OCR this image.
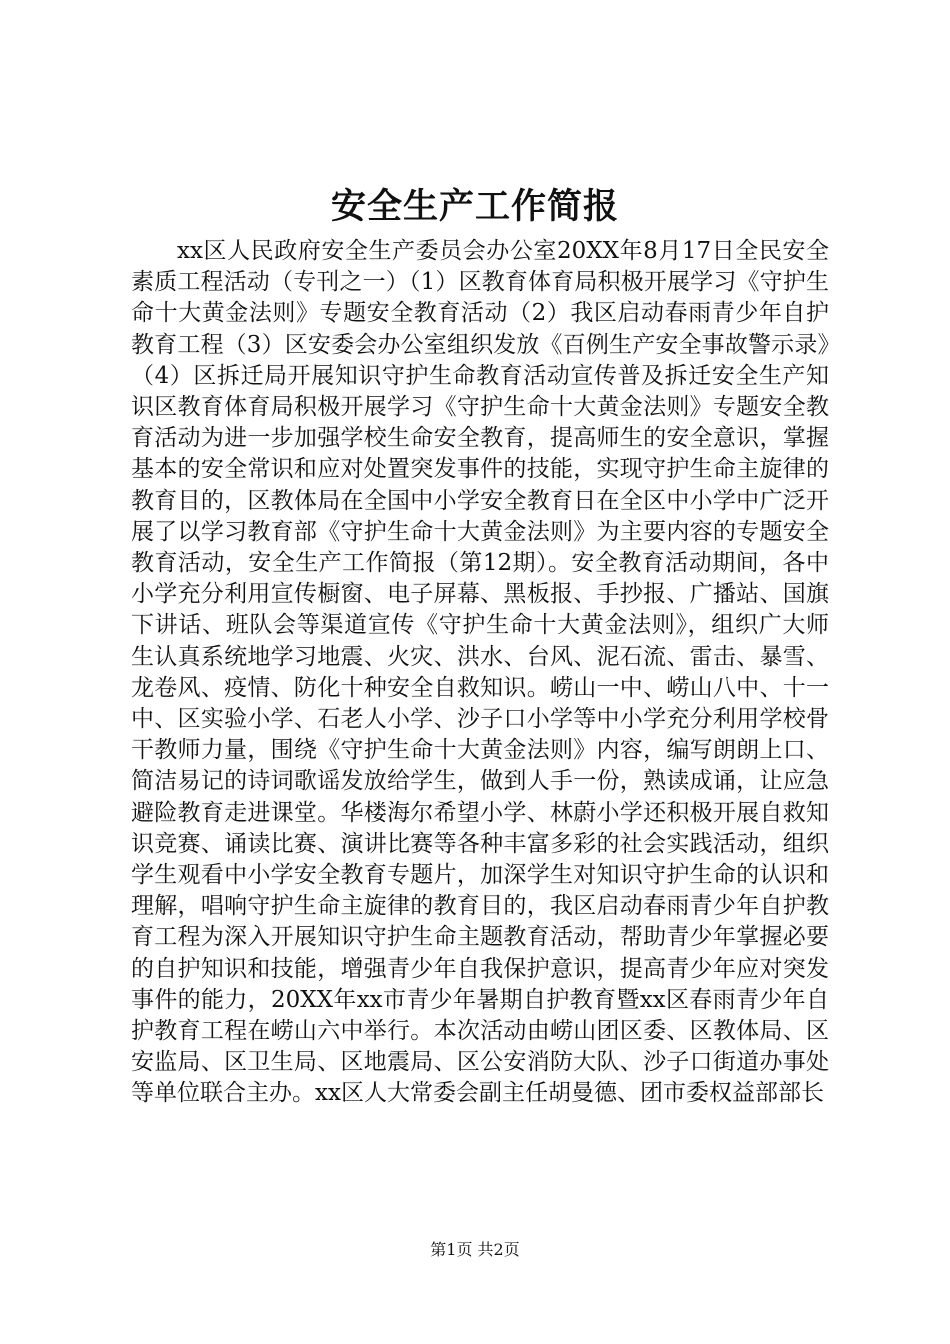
安全生产工作简报

xx区人民政府安全生产委员会办公室20XX年8月17日全民安全素质工程活动（专刊之一）（1）区教育体育局积极开展学习《守护生命十大黄金法则》专题安全教育活动（2）我区启动春雨青少年自护教育工程（3）区安委会办公室组织发放《百例生产安全事故警示录》（4）区拆迁局开展知识守护生命教育活动宣传普及拆迁安全生产知识区教育体育局积极开展学习《守护生命十大黄金法则》专题安全教育活动为进一步加强学校生命安全教育，提高师生的安全意识，掌握基本的安全常识和应对处置突发事件的技能，实现守护生命主旋律的教育目的，区教体局在全国中小学安全教育日在全区中小学中广泛开展了以学习教育部《守护生命十大黄金法则》为主要内容的专题安全教育活动，安全生产工作简报（第12期）。安全教育活动期间，各中小学充分利用宣传橱窗、电子屏幕、黑板报、手抄报、广播站、国旗下讲话、班队会等渠道宣传《守护生命十大黄金法则》，组织广大师生认真系统地学习地震、火灾、洪水、台风、泥石流、雷击、暴雪、龙卷风、疫情、防化十种安全自救知识。崂山一中、崂山八中、十一中、区实验小学、石老人小学、沙子口小学等中小学充分利用学校骨干教师力量，围绕《守护生命十大黄金法则》内容，编写朗朗上口、简洁易记的诗词歌谣发放给学生，做到人手一份，熟读成诵，让应急避险教育走进课堂。华楼海尔希望小学、林蔚小学还积极开展自救知识竞赛、诵读比赛、演讲比赛等各种丰富多彩的社会实践活动，组织学生观看中小学安全教育专题片，加深学生对知识守护生命的认识和理解，唱响守护生命主旋律的教育目的，我区启动春雨青少年自护教育工程为深入开展知识守护生命主题教育活动，帮助青少年掌握必要的自护知识和技能，增强青少年自我保护意识，提高青少年应对突发事件的能力，20XX年xx市青少年暑期自护教育暨xx区春雨青少年自护教育工程在崂山六中举行。本次活动由崂山团区委、区教体局、区安监局、区卫生局、区地震局、区公安消防大队、沙子口街道办事处等单位联合主办。xx区人大常委会副主任胡曼德、团市委权益部部长

第1页 共2页
